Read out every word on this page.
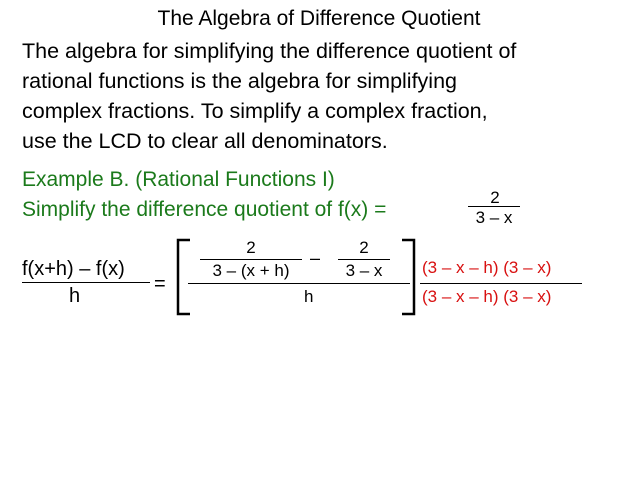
The Algebra of Difference Quotient
The algebra for simplifying the difference quotient of
rational functions is the algebra for simplifying
complex fractions. To simplify a complex fraction,
use the LCD to clear all denominators.
Example B. (Rational Functions I)
Simplify the difference quotient of f(x) =
2
3 – x
f(x+h) – f(x)
h
=
2
3 – (x + h)
–
2
3 – x
h
(3 – x – h) (3 – x)
(3 – x – h) (3 – x)
